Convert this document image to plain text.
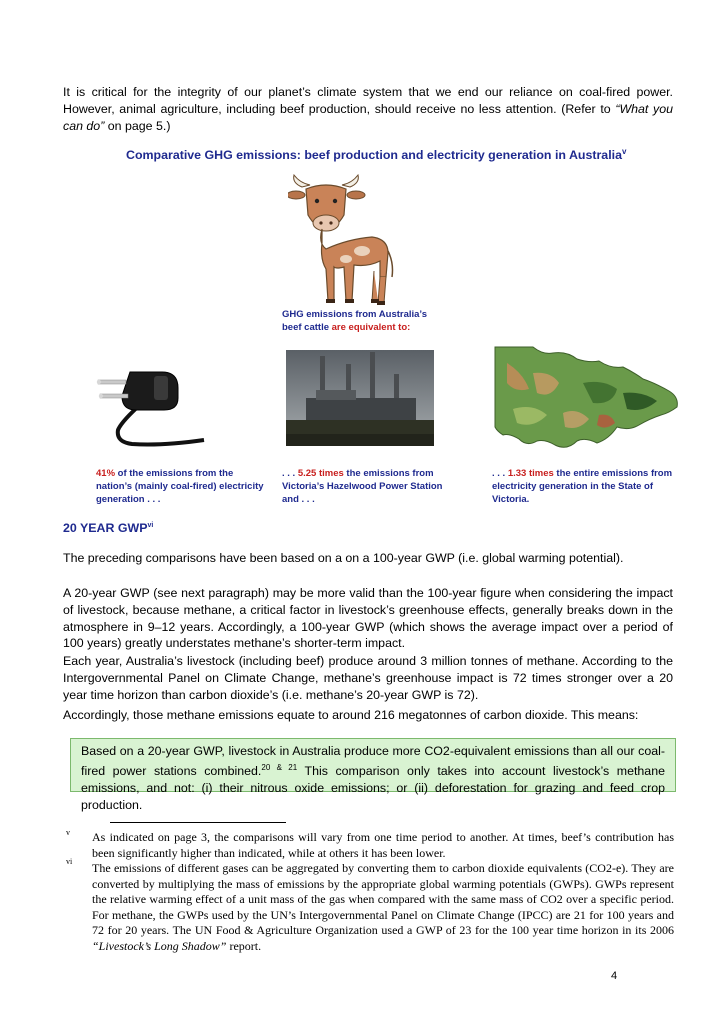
It is critical for the integrity of our planet’s climate system that we end our reliance on coal-fired power. However, animal agriculture, including beef production, should receive no less attention. (Refer to “What you can do” on page 5.)

Comparative GHG emissions: beef production and electricity generation in Australia$^v$
GHG emissions from Australia’s
beef cattle are equivalent to:
41% of the emissions from the nation’s (mainly coal-fired) electricity generation . . .
. . . 5.25 times the emissions from Victoria’s Hazelwood Power Station and . . .
. . . 1.33 times the entire emissions from electricity generation in the State of Victoria.
20 YEAR GWP$^{vi}$

The preceding comparisons have been based on a on a 100-year GWP (i.e. global warming potential).

A 20-year GWP (see next paragraph) may be more valid than the 100-year figure when considering the impact of livestock, because methane, a critical factor in livestock’s greenhouse effects, generally breaks down in the atmosphere in 9–12 years. Accordingly, a 100-year GWP (which shows the average impact over a period of 100 years) greatly understates methane’s shorter-term impact.

Each year, Australia’s livestock (including beef) produce around 3 million tonnes of methane. According to the Intergovernmental Panel on Climate Change, methane’s greenhouse impact is 72 times stronger over a 20 year time horizon than carbon dioxide’s (i.e. methane’s 20-year GWP is 72).

Accordingly, those methane emissions equate to around 216 megatonnes of carbon dioxide. This means:

Based on a 20-year GWP, livestock in Australia produce more CO2-equivalent emissions than all our coal-fired power stations combined.$^{20 \& 21}$ This comparison only takes into account livestock’s methane emissions, and not: (i) their nitrous oxide emissions; or (ii) deforestation for grazing and feed crop production.
v As indicated on page 3, the comparisons will vary from one time period to another. At times, beef’s contribution has been significantly higher than indicated, while at others it has been lower.
vi The emissions of different gases can be aggregated by converting them to carbon dioxide equivalents (CO2-e). They are converted by multiplying the mass of emissions by the appropriate global warming potentials (GWPs). GWPs represent the relative warming effect of a unit mass of the gas when compared with the same mass of CO2 over a specific period. For methane, the GWPs used by the UN’s Intergovernmental Panel on Climate Change (IPCC) are 21 for 100 years and 72 for 20 years. The UN Food & Agriculture Organization used a GWP of 23 for the 100 year time horizon in its 2006 “Livestock’s Long Shadow” report.
4
